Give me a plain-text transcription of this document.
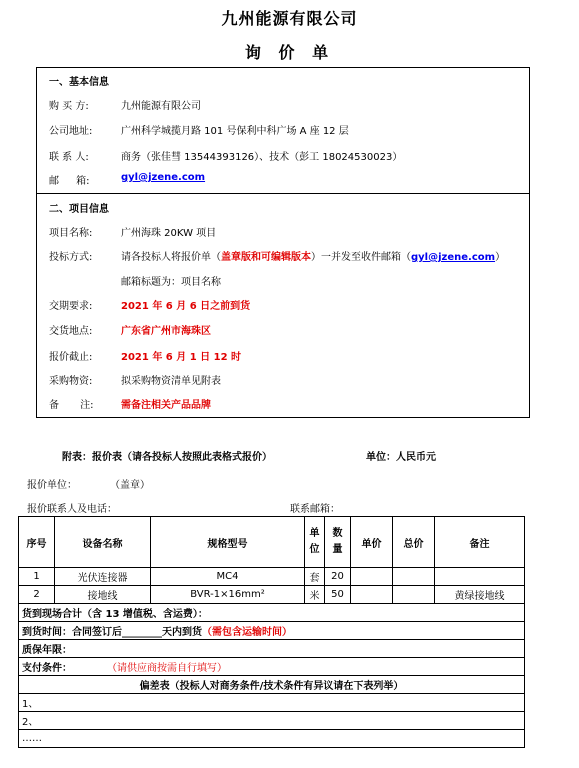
九州能源有限公司
询 价 单
一、基本信息
购 买 方:	九州能源有限公司
公司地址:	广州科学城揽月路 101 号保利中科广场 A 座 12 层
联 系 人:	商务（张佳彗 13544393126）、技术（彭工 18024530023）
邮 箱:	gyl@jzene.com
二、项目信息
项目名称:	广州海珠 20KW 项目
投标方式:	请各投标人将报价单（盖章版和可编辑版本）一并发至收件邮箱（gyl@jzene.com）
邮箱标题为：项目名称
交期要求:	2021 年 6 月 6 日之前到货
交货地点:	广东省广州市海珠区
报价截止:	2021 年 6 月 1 日 12 时
采购物资:	拟采购物资清单见附表
备 注:	需备注相关产品品牌
附表：报价表（请各投标人按照此表格式报价）	单位：人民币元
报价单位：	（盖章）
报价联系人及电话：	联系邮箱：
序号	设备名称	规格型号	单位	数量	单价	总价	备注
1	光伏连接器	MC4	套	20			
2	接地线	BVR-1×16mm²	米	50			黄绿接地线
货到现场合计（含 13 增值税、含运费）：							
到货时间：合同签订后________天内到货（需包含运输时间）							
质保年限：							
支付条件： （请供应商按需自行填写）							
偏差表（投标人对商务条件/技术条件有异议请在下表列举）							
1、							
2、							
……							
